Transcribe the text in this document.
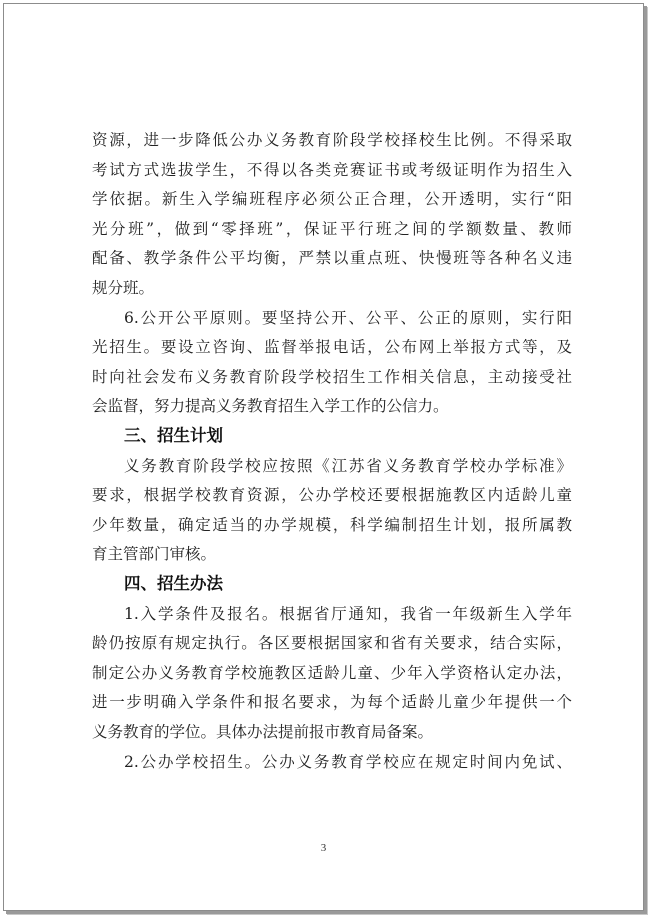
资源，进一步降低公办义务教育阶段学校择校生比例。不得采取
考试方式选拔学生，不得以各类竞赛证书或考级证明作为招生入
学依据。新生入学编班程序必须公正合理，公开透明，实行“阳
光分班”，做到“零择班”，保证平行班之间的学额数量、教师
配备、教学条件公平均衡，严禁以重点班、快慢班等各种名义违
规分班。
6.公开公平原则。要坚持公开、公平、公正的原则，实行阳
光招生。要设立咨询、监督举报电话，公布网上举报方式等，及
时向社会发布义务教育阶段学校招生工作相关信息，主动接受社
会监督，努力提高义务教育招生入学工作的公信力。
三、招生计划
义务教育阶段学校应按照《江苏省义务教育学校办学标准》
要求，根据学校教育资源，公办学校还要根据施教区内适龄儿童
少年数量，确定适当的办学规模，科学编制招生计划，报所属教
育主管部门审核。
四、招生办法
1.入学条件及报名。根据省厅通知，我省一年级新生入学年
龄仍按原有规定执行。各区要根据国家和省有关要求，结合实际，
制定公办义务教育学校施教区适龄儿童、少年入学资格认定办法，
进一步明确入学条件和报名要求，为每个适龄儿童少年提供一个
义务教育的学位。具体办法提前报市教育局备案。
2.公办学校招生。公办义务教育学校应在规定时间内免试、
3
